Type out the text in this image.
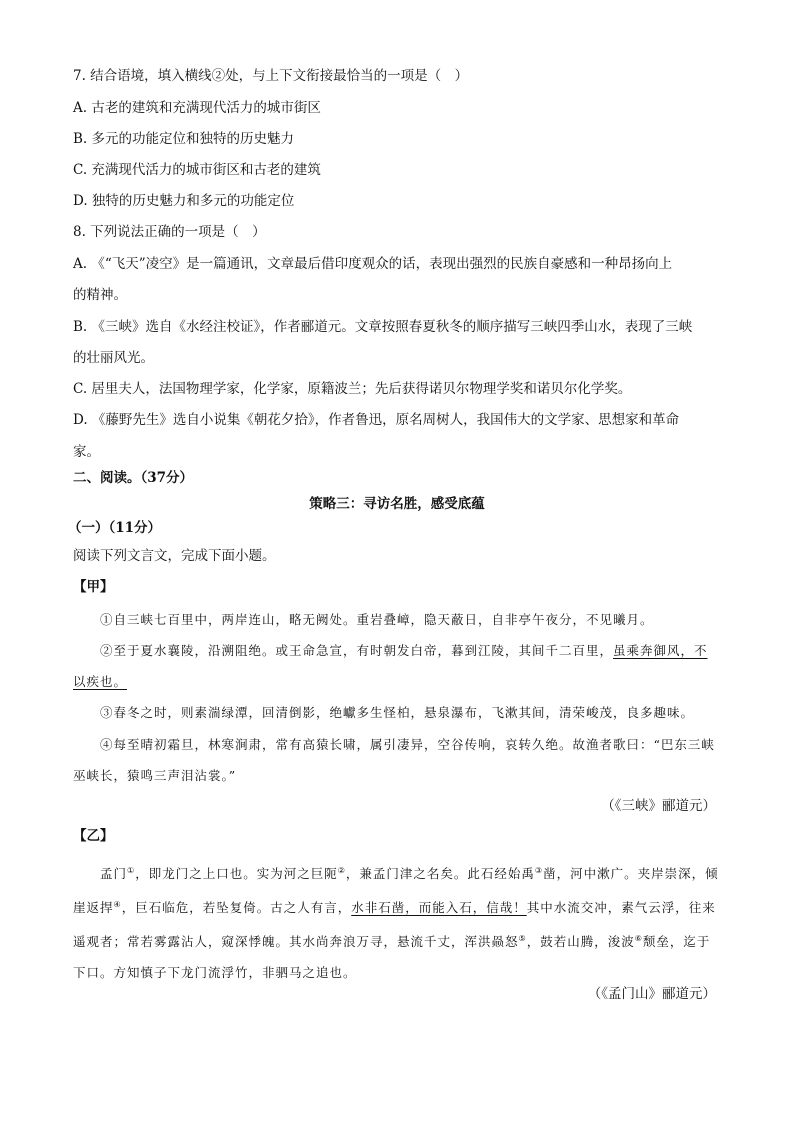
7. 结合语境，填入横线②处，与上下文衔接最恰当的一项是（　）
A. 古老的建筑和充满现代活力的城市街区
B. 多元的功能定位和独特的历史魅力
C. 充满现代活力的城市街区和古老的建筑
D. 独特的历史魅力和多元的功能定位
8. 下列说法正确的一项是（　）
A. 《“飞天”凌空》是一篇通讯，文章最后借印度观众的话，表现出强烈的民族自豪感和一种昂扬向上
的精神。
B. 《三峡》选自《水经注校证》，作者郦道元。文章按照春夏秋冬的顺序描写三峡四季山水，表现了三峡
的壮丽风光。
C. 居里夫人，法国物理学家，化学家，原籍波兰；先后获得诺贝尔物理学奖和诺贝尔化学奖。
D. 《藤野先生》选自小说集《朝花夕拾》，作者鲁迅，原名周树人，我国伟大的文学家、思想家和革命
家。
二、阅读。（37分）
策略三：寻访名胜，感受底蕴
（一）（11分）
阅读下列文言文，完成下面小题。
【甲】
①自三峡七百里中，两岸连山，略无阙处。重岩叠嶂，隐天蔽日，自非亭午夜分，不见曦月。
②至于夏水襄陵，沿溯阻绝。或王命急宣，有时朝发白帝，暮到江陵，其间千二百里，虽乘奔御风，不以疾也。
③春冬之时，则素湍绿潭，回清倒影，绝巘多生怪柏，悬泉瀑布，飞漱其间，清荣峻茂，良多趣味。
④每至晴初霜旦，林寒涧肃，常有高猿长啸，属引凄异，空谷传响，哀转久绝。故渔者歌曰：“巴东三峡巫峡长，猿鸣三声泪沾裳。”
（《三峡》郦道元）
【乙】
孟门①，即龙门之上口也。实为河之巨阨②，兼孟门津之名矣。此石经始禹③凿，河中漱广。夹岸崇深，倾崖返捍④，巨石临危，若坠复倚。古之人有言，水非石凿，而能入石，信哉！其中水流交冲，素气云浮，往来遥观者；常若雾露沾人，窥深悸魄。其水尚奔浪万寻，悬流千丈，浑洪赑怒⑤，鼓若山腾，浚波⑥颓垒，迄于下口。方知慎子下龙门流浮竹，非驷马之追也。
（《孟门山》郦道元）
